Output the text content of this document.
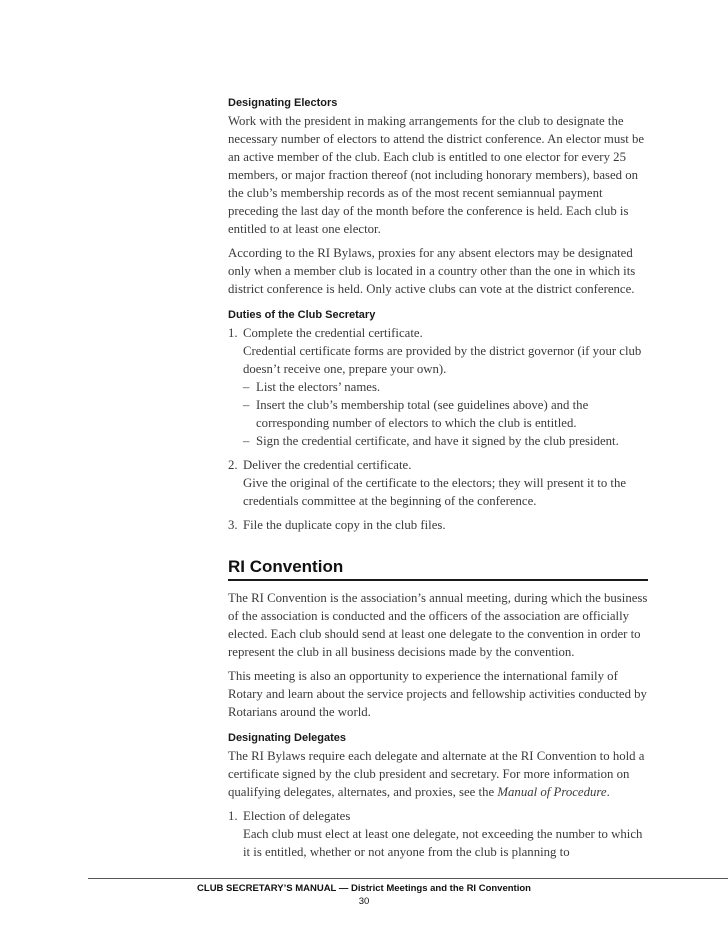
Designating Electors

Work with the president in making arrangements for the club to designate the necessary number of electors to attend the district conference. An elector must be an active member of the club. Each club is entitled to one elector for every 25 members, or major fraction thereof (not including honorary members), based on the club’s membership records as of the most recent semiannual payment preceding the last day of the month before the conference is held. Each club is entitled to at least one elector.

According to the RI Bylaws, proxies for any absent electors may be designated only when a member club is located in a country other than the one in which its district conference is held. Only active clubs can vote at the district conference.

Duties of the Club Secretary
1. Complete the credential certificate.
Credential certificate forms are provided by the district governor (if your club doesn’t receive one, prepare your own).
– List the electors’ names.
– Insert the club’s membership total (see guidelines above) and the corresponding number of electors to which the club is entitled.
– Sign the credential certificate, and have it signed by the club president.
2. Deliver the credential certificate.
Give the original of the certificate to the electors; they will present it to the credentials committee at the beginning of the conference.
3. File the duplicate copy in the club files.
RI Convention

The RI Convention is the association’s annual meeting, during which the business of the association is conducted and the officers of the association are officially elected. Each club should send at least one delegate to the convention in order to represent the club in all business decisions made by the convention.

This meeting is also an opportunity to experience the international family of Rotary and learn about the service projects and fellowship activities conducted by Rotarians around the world.

Designating Delegates

The RI Bylaws require each delegate and alternate at the RI Convention to hold a certificate signed by the club president and secretary. For more information on qualifying delegates, alternates, and proxies, see the Manual of Procedure.

1. Election of delegates
Each club must elect at least one delegate, not exceeding the number to which it is entitled, whether or not anyone from the club is planning to
CLUB SECRETARY’S MANUAL — District Meetings and the RI Convention
30
